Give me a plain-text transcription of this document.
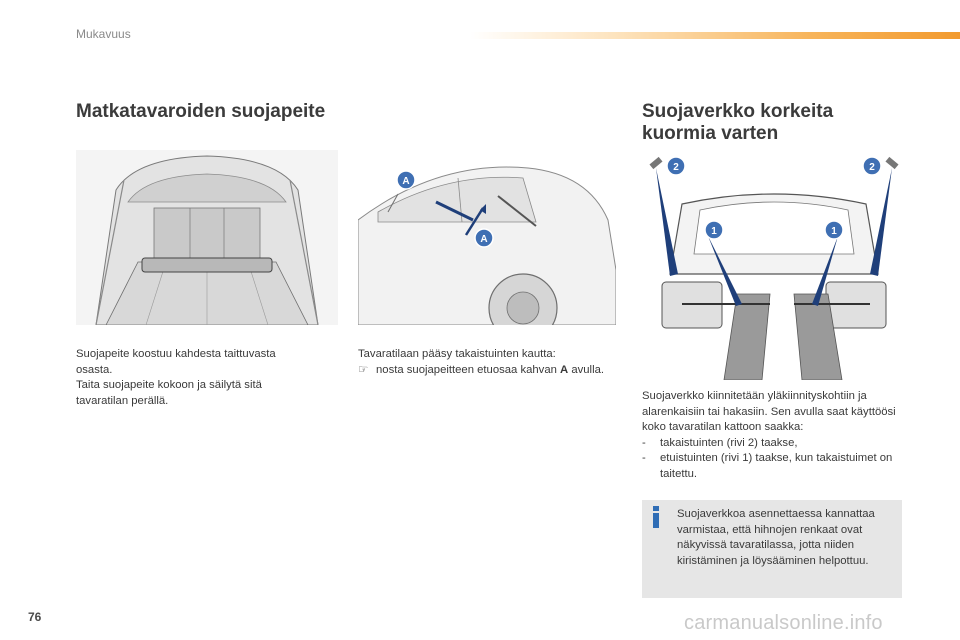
Mukavuus
Matkatavaroiden suojapeite

Suojapeite koostuu kahdesta taittuvasta osasta.

Taita suojapeite kokoon ja säilytä sitä tavaratilan perällä.

A
A

Tavaratilaan pääsy takaistuinten kautta:

☞ nosta suojapeitteen etuosaa kahvan A avulla.
Suojaverkko korkeita
kuormia varten
2	2
1	1

Suojaverkko kiinnitetään yläkiinnityskohtiin ja alarenkaisiin tai hakasiin. Sen avulla saat käyttöösi koko tavaratilan kattoon saakka:

-	takaistuinten (rivi 2) taakse,
-	etuistuinten (rivi 1) taakse, kun takaistuimet on taitettu.
Suojaverkkoa asennettaessa kannattaa varmistaa, että hihnojen renkaat ovat näkyvissä tavaratilassa, jotta niiden kiristäminen ja löysääminen helpottuu.
76	carmanualsonline.info
